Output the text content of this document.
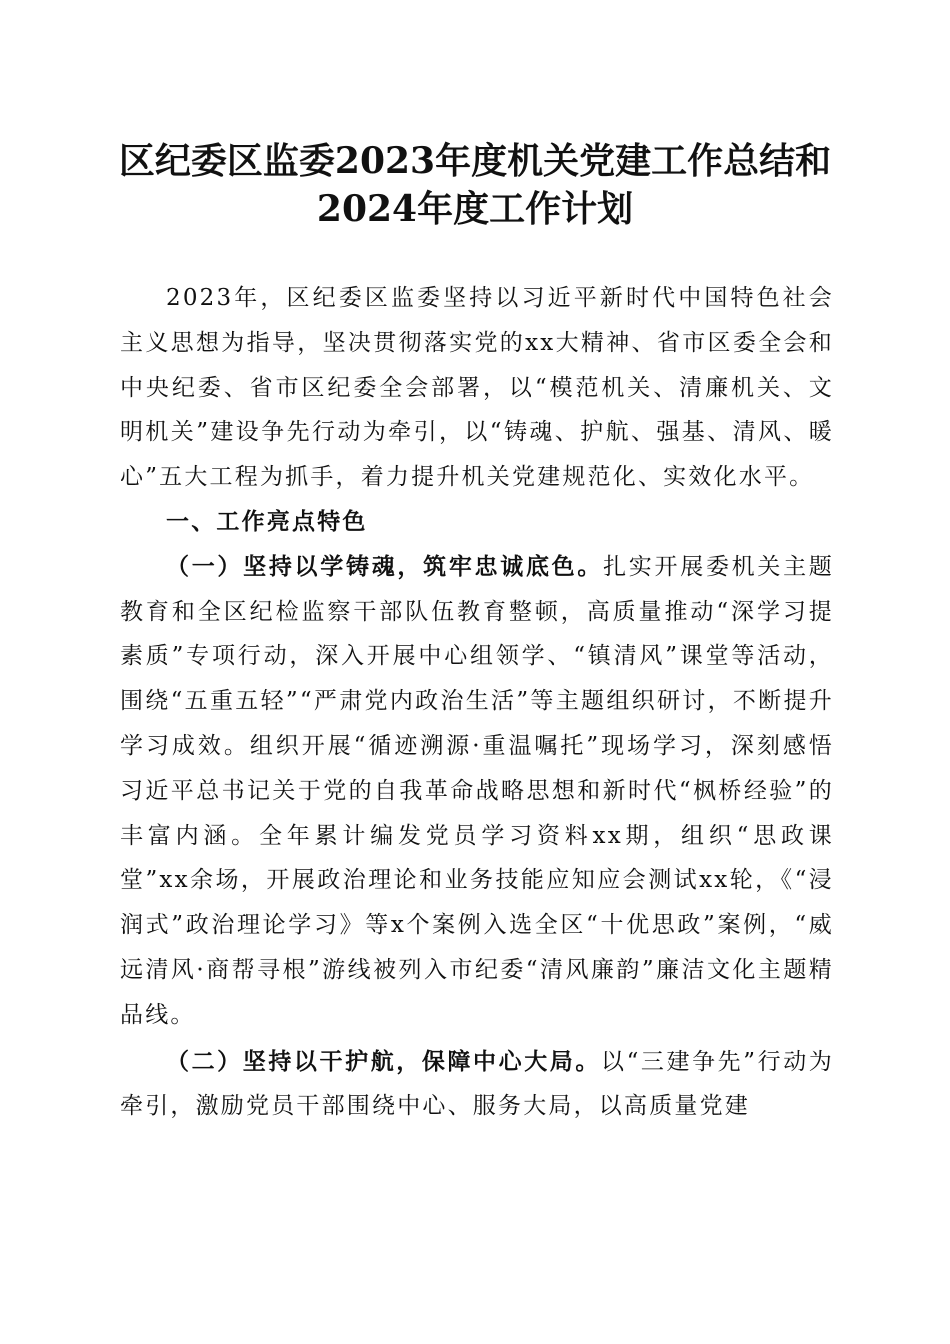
区纪委区监委2023年度机关党建工作总结和
2024年度工作计划

2023年，区纪委区监委坚持以习近平新时代中国特色社会主义思想为指导，坚决贯彻落实党的xx大精神、省市区委全会和中央纪委、省市区纪委全会部署，以“模范机关、清廉机关、文明机关”建设争先行动为牵引，以“铸魂、护航、强基、清风、暖心”五大工程为抓手，着力提升机关党建规范化、实效化水平。

一、工作亮点特色

（一）坚持以学铸魂，筑牢忠诚底色。扎实开展委机关主题教育和全区纪检监察干部队伍教育整顿，高质量推动“深学习提素质”专项行动，深入开展中心组领学、“镇清风”课堂等活动，围绕“五重五轻”“严肃党内政治生活”等主题组织研讨，不断提升学习成效。组织开展“循迹溯源·重温嘱托”现场学习，深刻感悟习近平总书记关于党的自我革命战略思想和新时代“枫桥经验”的丰富内涵。全年累计编发党员学习资料xx期，组织“思政课堂”xx余场，开展政治理论和业务技能应知应会测试xx轮，《“浸润式”政治理论学习》等x个案例入选全区“十优思政”案例，“威远清风·商帮寻根”游线被列入市纪委“清风廉韵”廉洁文化主题精品线。

（二）坚持以干护航，保障中心大局。以“三建争先”行动为牵引，激励党员干部围绕中心、服务大局，以高质量党建
